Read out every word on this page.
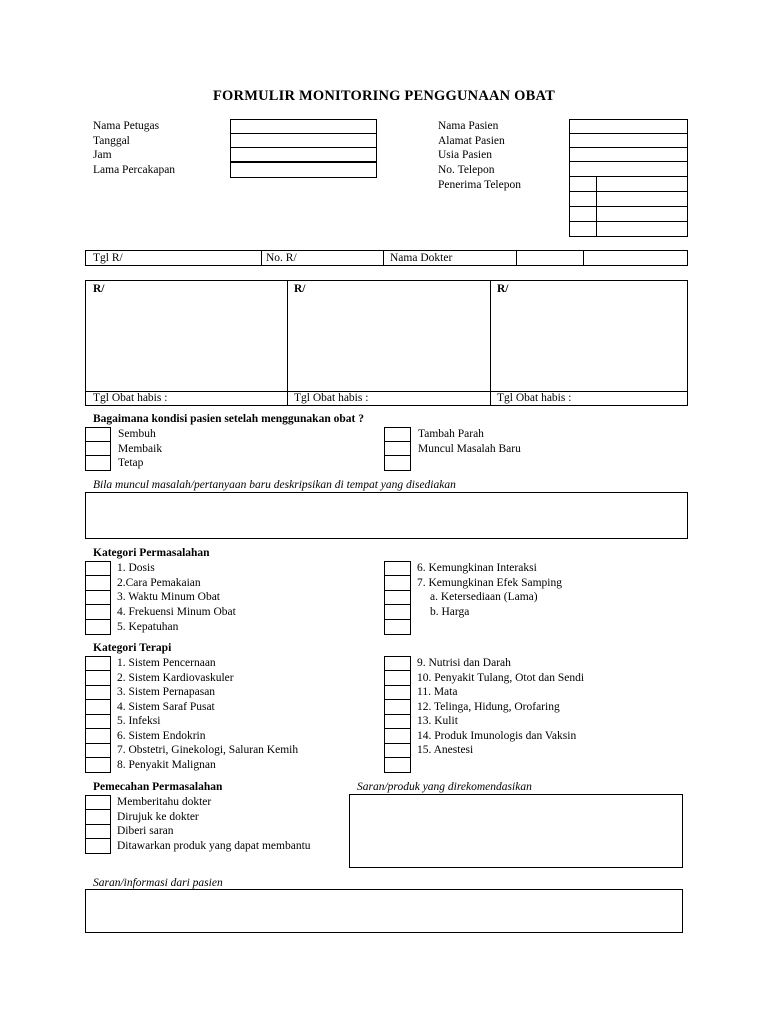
FORMULIR MONITORING PENGGUNAAN OBAT
Nama Petugas
Tanggal
Jam
Lama Percakapan
Nama Pasien
Alamat Pasien
Usia Pasien
No. Telepon
Penerima Telepon
Tgl R/	No. R/	Nama Dokter
R/	R/	R/
Tgl Obat habis :	Tgl Obat habis :	Tgl Obat habis :
Bagaimana kondisi pasien setelah menggunakan obat ?
Sembuh
Membaik
Tetap
Tambah Parah
Muncul Masalah Baru
Bila muncul masalah/pertanyaan baru deskripsikan di tempat yang disediakan
Kategori Permasalahan
1. Dosis
2.Cara Pemakaian
3. Waktu Minum Obat
4. Frekuensi Minum Obat
5. Kepatuhan
6. Kemungkinan Interaksi
7. Kemungkinan Efek Samping
a. Ketersediaan (Lama)
b. Harga
Kategori Terapi
1. Sistem Pencernaan
2. Sistem Kardiovaskuler
3. Sistem Pernapasan
4. Sistem Saraf Pusat
5. Infeksi
6. Sistem Endokrin
7. Obstetri, Ginekologi, Saluran Kemih
8. Penyakit Malignan
9. Nutrisi dan Darah
10. Penyakit Tulang, Otot dan Sendi
11. Mata
12. Telinga, Hidung, Orofaring
13. Kulit
14. Produk Imunologis dan Vaksin
15. Anestesi
Pemecahan Permasalahan
Memberitahu dokter
Dirujuk ke dokter
Diberi saran
Ditawarkan produk yang dapat membantu
Saran/produk yang direkomendasikan
Saran/informasi dari pasien
